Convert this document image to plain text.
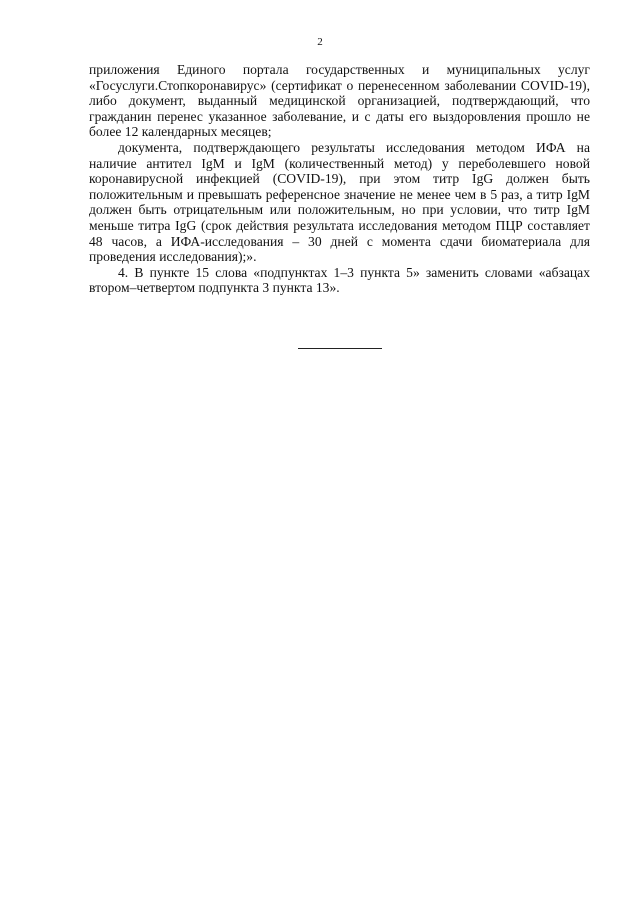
2

приложения Единого портала государственных и муниципальных услуг «Госуслуги.Стопкоронавирус» (сертификат о перенесенном заболевании COVID-19), либо документ, выданный медицинской организацией, подтверждающий, что гражданин перенес указанное заболевание, и с даты его выздоровления прошло не более 12 календарных месяцев;

документа, подтверждающего результаты исследования методом ИФА на наличие антител IgM и IgM (количественный метод) у переболевшего новой коронавирусной инфекцией (COVID-19), при этом титр IgG должен быть положительным и превышать референсное значение не менее чем в 5 раз, а титр IgM должен быть отрицательным или положительным, но при условии, что титр IgM меньше титра IgG (срок действия результата исследования методом ПЦР составляет 48 часов, а ИФА-исследования – 30 дней с момента сдачи биоматериала для проведения исследования);».

4. В пункте 15 слова «подпунктах 1–3 пункта 5» заменить словами «абзацах втором–четвертом подпункта 3 пункта 13».
